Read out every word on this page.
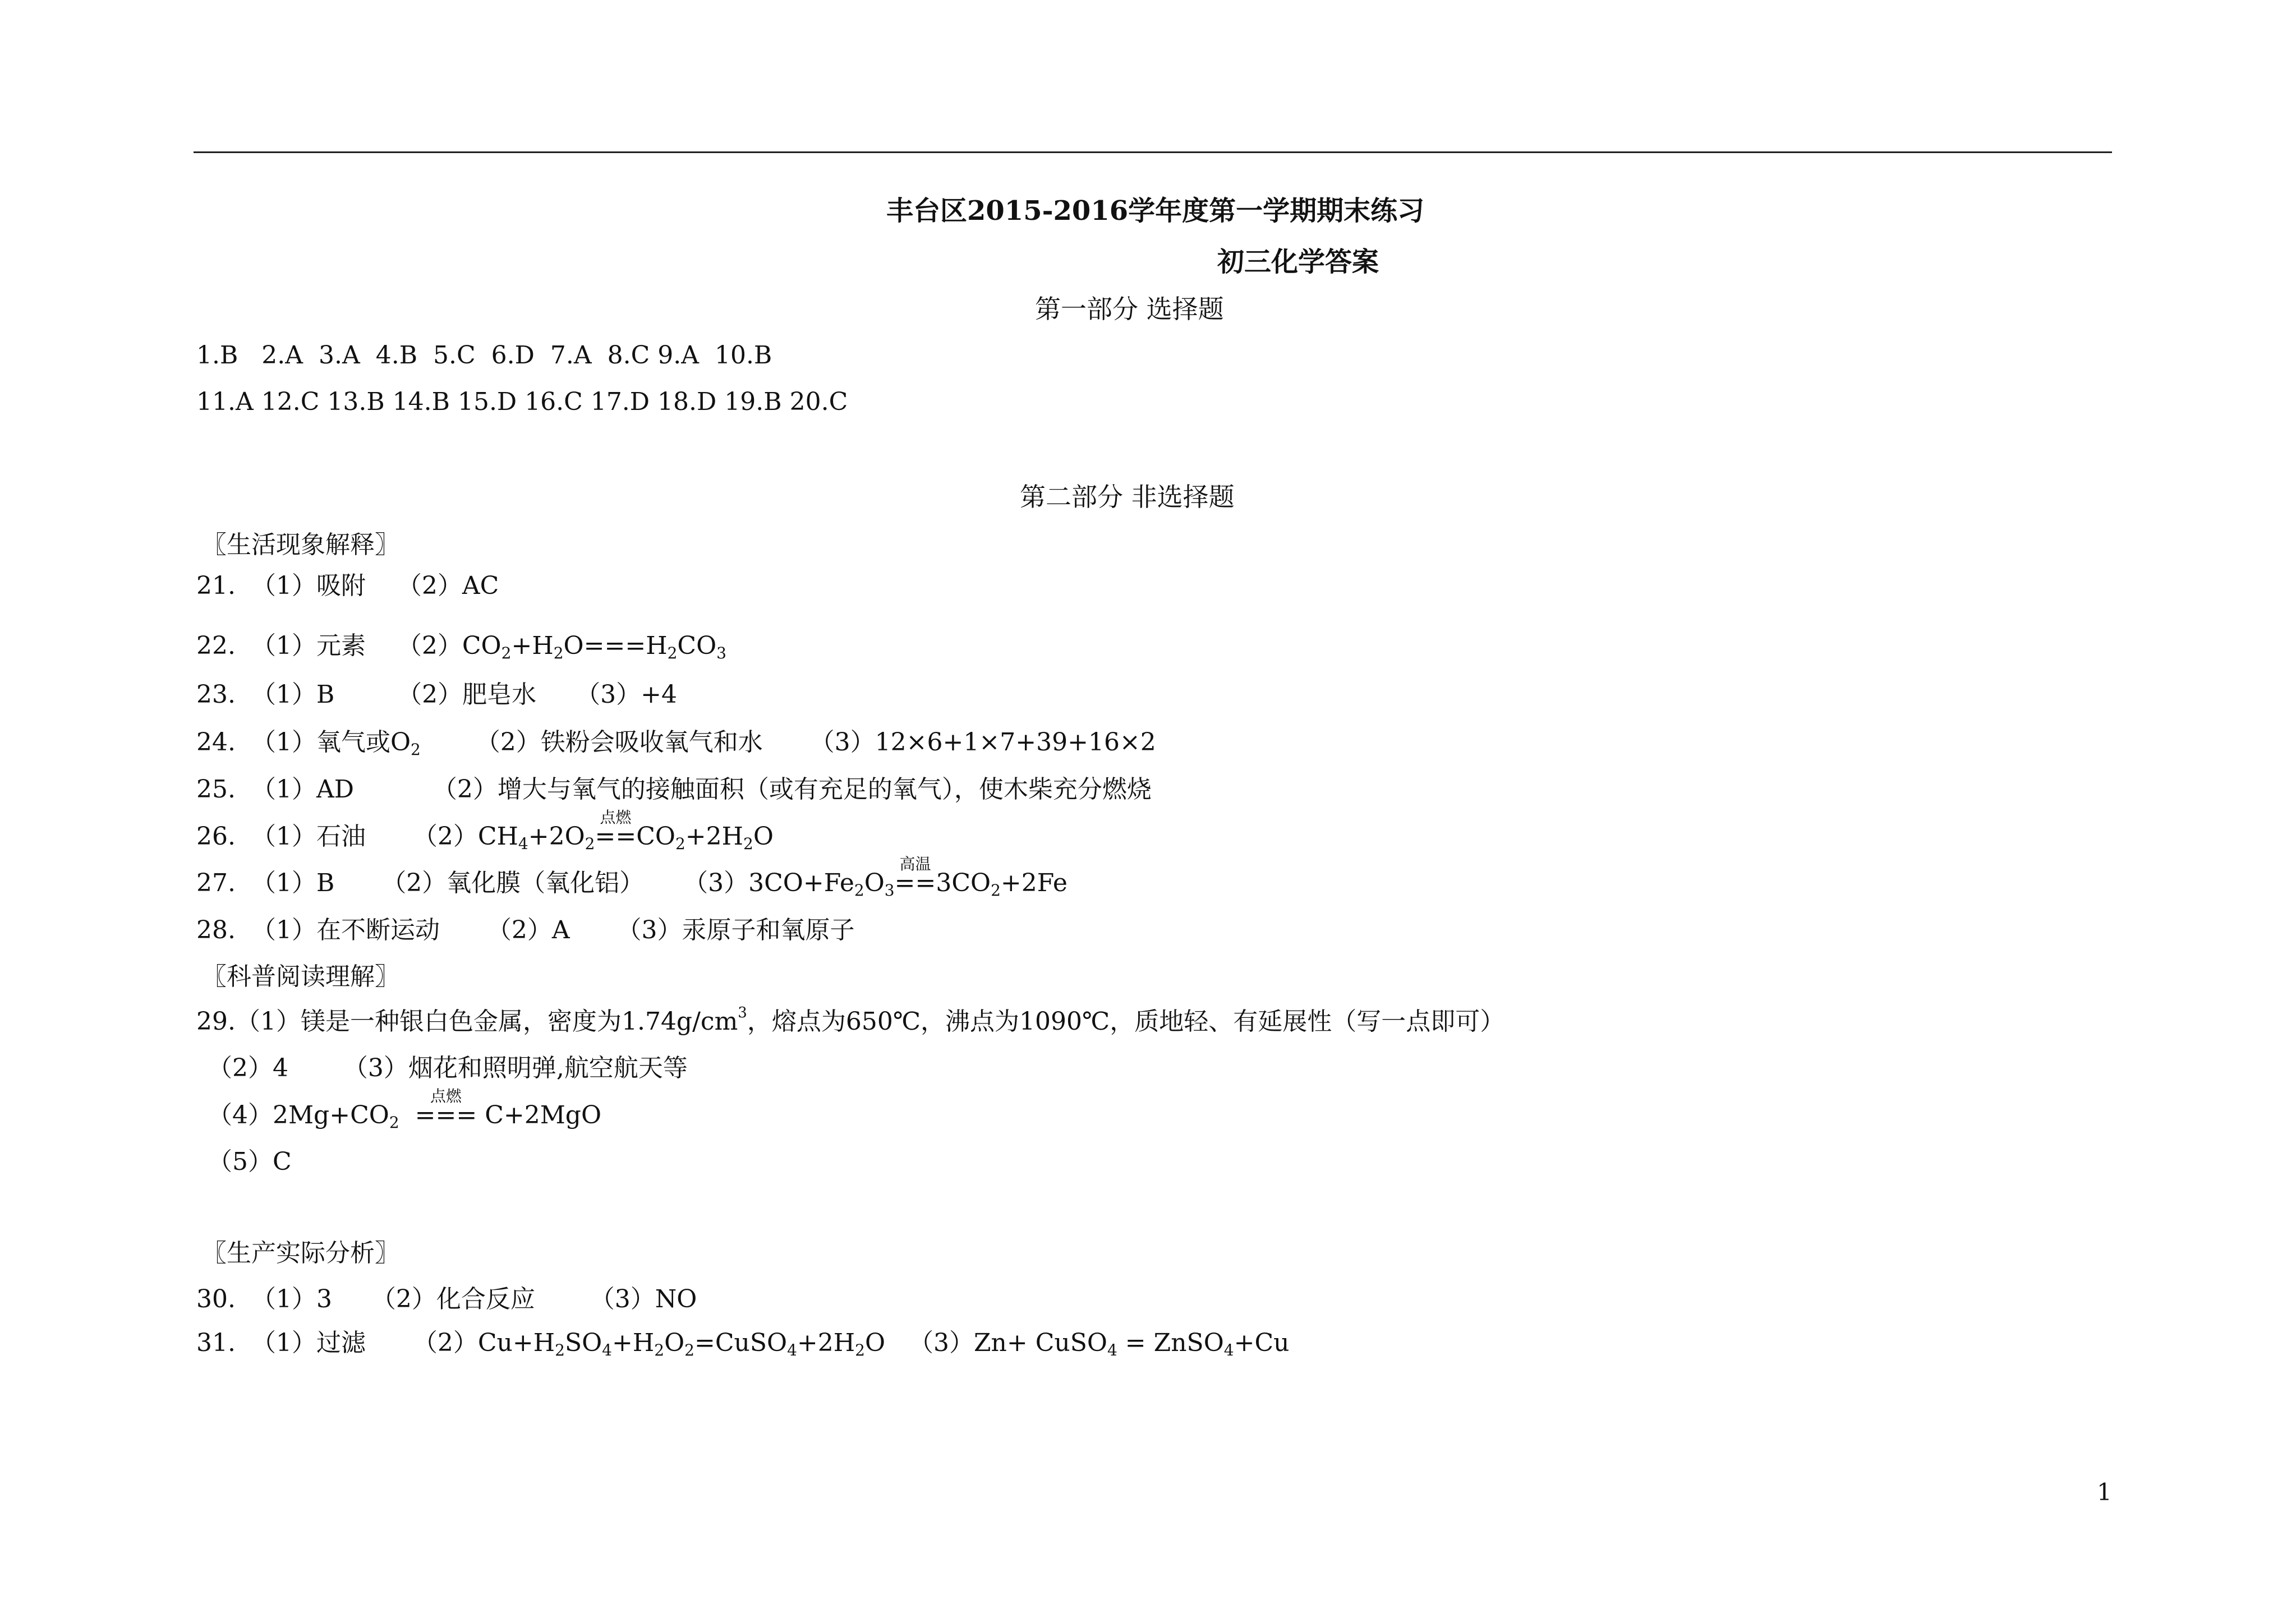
丰台区2015-2016学年度第一学期期末练习
初三化学答案
第一部分 选择题
1.B   2.A  3.A  4.B  5.C  6.D  7.A  8.C 9.A  10.B
11.A 12.C 13.B 14.B 15.D 16.C 17.D 18.D 19.B 20.C
第二部分 非选择题
〖生活现象解释〗
21.  （1）吸附    （2）AC
22.  （1）元素    $(2)CO_2+H_2O===H_2CO_3$
23.  （1）B        （2）肥皂水     （3）+4
24.  （1）氧气或$O_2$       （2）铁粉会吸收氧气和水      （3）12×6+1×7+39+16×2
25.  （1）AD          （2）增大与氧气的接触面积（或有充足的氧气），使木柴充分燃烧
26.  （1）石油      $(2)CH_4+2O_2$
点燃
$==CO_2+2H_2O$
27.  （1）B      （2）氧化膜（氧化铝）     $(3)3CO+Fe_2O_3$
高温
$==3CO_2+2Fe$
28.  （1）在不断运动      （2）A      （3）汞原子和氧原子
〖科普阅读理解〗
29.（1）镁是一种银白色金属，密度为$1.74g/cm^3$，熔点为650℃，沸点为1090℃，质地轻、有延展性（写一点即可）
（2）4       （3）烟花和照明弹,航空航天等
$(4)2Mg+CO_2$
点燃
=== C+2MgO
（5）C
〖生产实际分析〗
30.  （1）3     （2）化合反应       （3）NO
31.  （1）过滤      $(2)Cu+H_2SO_4+H_2O_2=CuSO_4+2H_2O$   （3）Zn+ CuSO$_4$ = ZnSO$_4$+Cu
1
